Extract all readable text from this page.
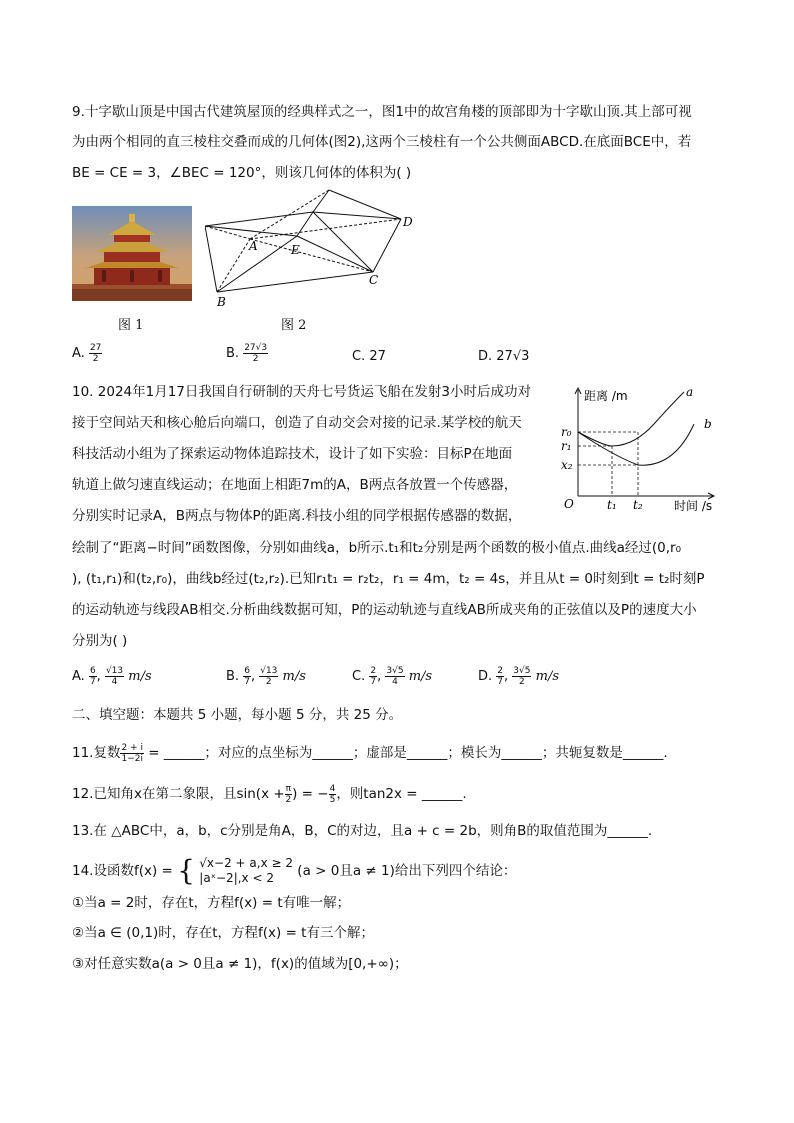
9.十字歇山顶是中国古代建筑屋顶的经典样式之一，图1中的故宫角楼的顶部即为十字歇山顶.其上部可视
为由两个相同的直三棱柱交叠而成的几何体(图2),这两个三棱柱有一个公共侧面ABCD.在底面BCE中，若
BE = CE = 3，∠BEC = 120°，则该几何体的体积为( )
图 1
A
B
C
D
E
图 2
A. $\frac{27}{2}$	B. $\frac{27√3}{2}$	C. 27	D. 27√3
10. 2024年1月17日我国自行研制的天舟七号货运飞船在发射3小时后成功对
接于空间站天和核心舱后向端口，创造了自动交会对接的记录.某学校的航天
科技活动小组为了探索运动物体追踪技术，设计了如下实验：目标P在地面
轨道上做匀速直线运动；在地面上相距7m的A，B两点各放置一个传感器，
分别实时记录A，B两点与物体P的距离.科技小组的同学根据传感器的数据，
绘制了“距离−时间”函数图像，分别如曲线a，b所示.t₁和t₂分别是两个函数的极小值点.曲线a经过(0,r₀
), (t₁,r₁)和(t₂,r₀)，曲线b经过(t₂,r₂).已知r₁t₁ = r₂t₂，r₁ = 4m，t₂ = 4s，并且从t = 0时刻到t = t₂时刻P
的运动轨迹与线段AB相交.分析曲线数据可知，P的运动轨迹与直线AB所成夹角的正弦值以及P的速度大小
分别为( )
距离 /m
时间 /s
O
a
b
r₀
r₁
x₂
t₁ t₂
A. $\frac{6}{7}$ , $\frac{√13}{4} m/s$	B. $\frac{6}{7}$ , $\frac{√13}{2} m/s$	C. $\frac{2}{7}$ , $\frac{3√5}{4} m/s$	D. $\frac{2}{7}$ , $\frac{3√5}{2} m/s$
二、填空题：本题共 5 小题，每小题 5 分，共 25 分。
11.复数 $\frac{2 + i}{1-2i}$ = ______；对应的点坐标为______；虚部是______；模长为______；共轭复数是______.
12.已知角x在第二象限，且$\sin(x + \frac{\pi}{2}$ ) = − $\frac{4}{5}$ ，则tan2x = ______.
13.在 △ABC中，a，b，c分别是角A，B，C的对边，且a + c = 2b，则角B的取值范围为______.
14.设函数f(x) = { √x−2 + a,x ≥ 2
|aˣ−2|,x < 2	(a > 0且a ≠ 1)给出下列四个结论：
①当a = 2时，存在t，方程f(x) = t有唯一解；
②当a ∈ (0,1)时，存在t，方程f(x) = t有三个解；
③对任意实数a(a > 0且a ≠ 1)，f(x)的值域为[0,+∞)；
